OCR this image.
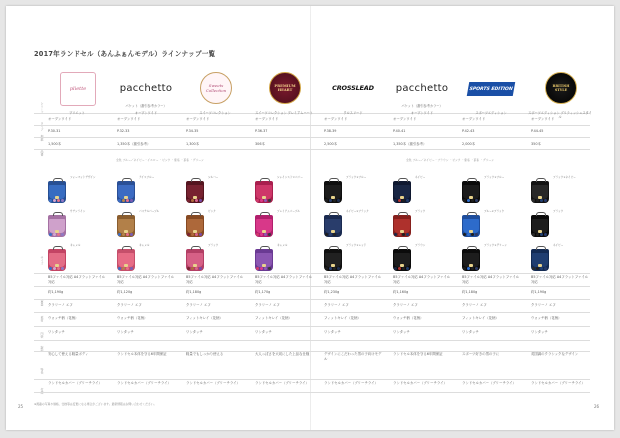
2017年ランドセル（あんふぁんモデル）ラインナップ一覧
シリーズ
タイプ
掲載
品番
サイズ
重量
素材
内装
錠前
特長
付属
pliette
プリエット
オープンワイド
P.30-31
1,500本
フォーマットデザイン
サテンライン
キャメル
B5ファイル対応 A4フラットファイル対応
約1,190g
クラリーノ エフ
ウォッチ柄（花柄）
ワンタッチ
安心して使える軽量ボディ
ランドセルカバー（ブリーチライ）
pacchetto
パケット（割引参考カラー）
オープンワイド
オープンワイド
P.32-33
1,350本（割引参考）
アイスブルー
パステルパープル
キャメル
B5ファイル対応 A4フラットファイル対応
約1,120g
クラリーノ エフ
ウォッチ柄（花柄）
ワンタッチ
ランドセル本体を守る6年間保証
ランドセルカバー（ブリーチライ）
Sweets Collection
スイーツコレクション
オープンワイド
P.34-35
1,300本
シルバー
ピンク
ブラック
B5ファイル対応 A4フラットファイル対応
約1,180g
クラリーノ エフ
フィットキレイ（花柄）
ワンタッチ
軽量でもしっかり使える
ランドセルカバー（ブリーチライ）
PREMIUM HEART
スイーツコレクション プレミアムハート
オープンワイド
P.36-37
306本
シャインストロベリー
プレミアムパープル
キャメル
B5ファイル対応 A4フラットファイル対応
約1,170g
クラリーノ エフ
フィットキレイ（花柄）
ワンタッチ
大人っぽさを大切にした上品な仕様
ランドセルカバー（ブリーチライ）
CROSSLEAD
クロスリード
オープンワイド
P.38-39
2,500本
ブラック×ブルー
ネイビー×ブラック
ブラック×レッド
B5ファイル対応 A4フラットファイル対応
約1,230g
クラリーノ エフ
フィットキレイ（花柄）
ワンタッチ
デザインにこだわった男の子向けモデル
ランドセルカバー（ブリーチライ）
pacchetto
パケット（割引参考カラー）
オープンワイド
オープンワイド
P.40-41
1,350本（割引参考）
ネイビー
ブラック
ブラウン
B5ファイル対応 A4フラットファイル対応
約1,160g
クラリーノ エフ
ウォッチ柄（花柄）
ワンタッチ
ランドセル本体を守る6年間保証
ランドセルカバー（ブリーチライ）
SPORTS EDITION
スポーツエディション
オープンワイド
P.42-43
2,000本
ブラック×ブルー
ブルー×ブラック
ブラック×グリーン
B5ファイル対応 A4フラットファイル対応
約1,180g
クラリーノ エフ
フィットキレイ（花柄）
ワンタッチ
スポーツ好きの男の子に
ランドセルカバー（ブリーチライ）
BRITISH STYLE
スポーツエディション ブリティッシュスタイル
オープンワイド
P.44-45
350本
ブラック×ネイビー
ブラック
ネイビー
B5ファイル対応 A4フラットファイル対応
約1,190g
クラリーノ エフ
ウォッチ柄（花柄）
ワンタッチ
英国調のクラシックなデザイン
ランドセルカバー（ブリーチライ）
全色 ブルー／ネイビー・イエロー ・ピンク ・紫系 ・茶系 ・グリーン	全色 ブルー／ネイビー・ブラウン ・ピンク ・紫系 ・茶系 ・グリーン
※掲載の写真や価格、仕様等は変更になる場合がございます。最新情報はお問い合わせください。
25	26
